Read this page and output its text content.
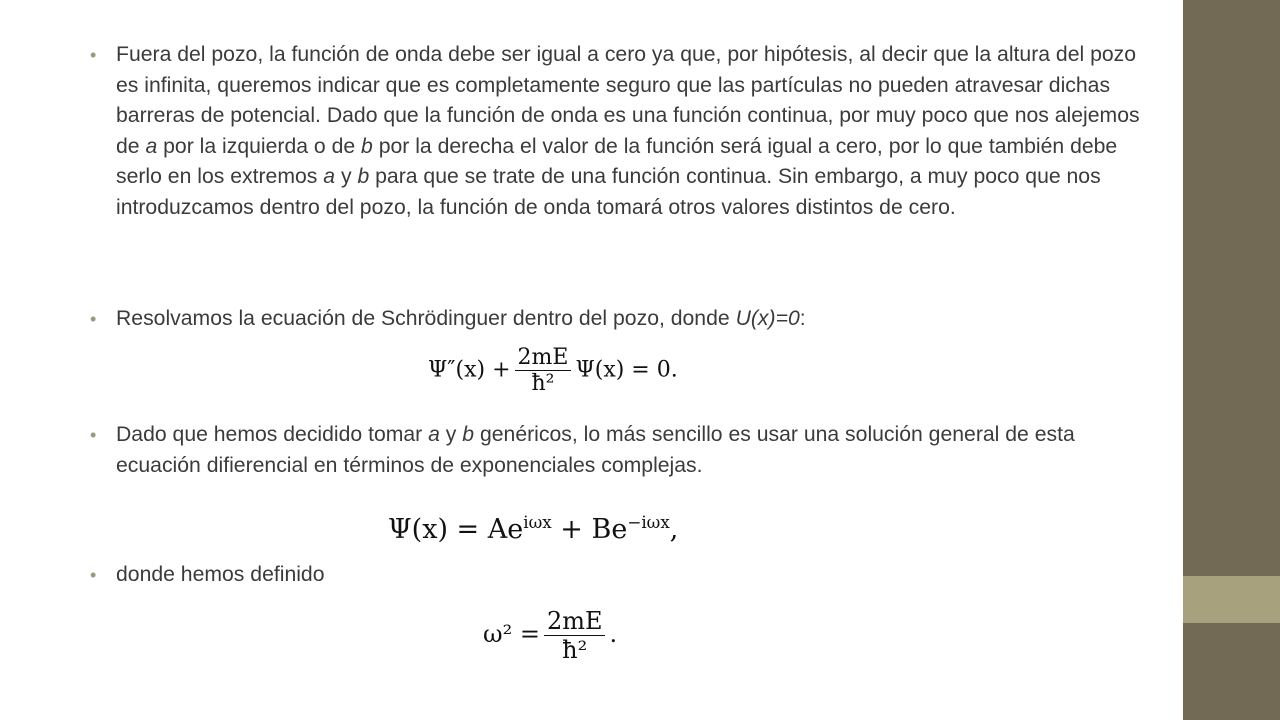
• Fuera del pozo, la función de onda debe ser igual a cero ya que, por hipótesis, al decir que la altura del pozo es infinita, queremos indicar que es completamente seguro que las partículas no pueden atravesar dichas barreras de potencial. Dado que la función de onda es una función continua, por muy poco que nos alejemos de a por la izquierda o de b por la derecha el valor de la función será igual a cero, por lo que también debe serlo en los extremos a y b para que se trate de una función continua. Sin embargo, a muy poco que nos introduzcamos dentro del pozo, la función de onda tomará otros valores distintos de cero.
• Resolvamos la ecuación de Schrödinguer dentro del pozo, donde U(x)=0:
• Dado que hemos decidido tomar a y b genéricos, lo más sencillo es usar una solución general de esta ecuación difierencial en términos de exponenciales complejas.
• donde hemos definido
$\Psi''(x) + \frac{2mE}{\text{ħ²}} \Psi(x) = 0$.
$\Psi(x) = Ae^{i\omega x} + Be^{-i\omega x}$,
$\omega^2 = \frac{2mE}{\text{ħ²}}$ .
